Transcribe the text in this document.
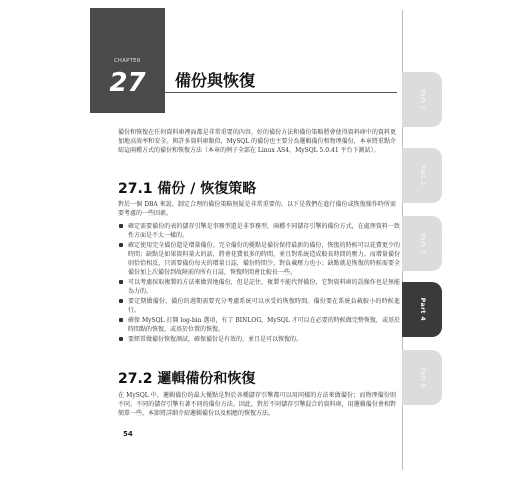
CHAPTER
27	備份與恢復
備份和恢復在任何資料庫裡面都是非常重要的內容，好的備份方法和備份策略將會使得資料庫中的資料更加地高效率和安全。與許多資料庫類似，MySQL 的備份也主要分為邏輯備份和物理備份，本章將重點介紹這兩種方式的備份和恢復方法（本章的例子全部在 Linux AS4、MySQL 5.0.41 平台下測試）。
27.1 備份 / 恢復策略
對於一個 DBA 來說，制定合理的備份策略無疑是非常重要的。以下是我們在進行備份或恢復操作時所需要考慮的一些因素。
確定需要備份的表的儲存引擎是事務型還是非事務型，兩種不同儲存引擎的備份方式，在處理資料一致性方面是不太一樣的。
確定使用完全備份還是增量備份。完全備份的優點是備份保持最新的備份，恢復的時候可以花費更少的時間；缺點是如果資料量大的話，將會花費很多的時間，並且對系統造成較長時間的壓力。而增量備份則恰恰相反，只需要備份每天的增量日誌，備份時間少，對負載壓力也小；缺點就是恢復的時候需要全備份加上次備份到故障前的所有日誌，恢復時間會比較長一些。
可以考慮採取複製的方法來做異地備份，但是記住，複製不能代替備份，它對資料庫的誤操作也是無能為力的。
要定期做備份，備份的週期需要充分考慮系統可以承受的恢復時間。備份要在系統負載較小的時候進行。
確保 MySQL 打開 log-bin 選項，有了 BINLOG，MySQL 才可以在必要的時候做完整恢復，或基於時間點的恢復，或基於位置的恢復。
要經常做備份恢復測試，確保備份是有效的，並且是可以恢復的。
27.2 邏輯備份和恢復
在 MySQL 中，邏輯備份的最大優點是對於各種儲存引擎都可以用同樣的方法來做備份；而物理備份則不同，不同的儲存引擎有著不同的備份方法。因此，對於不同儲存引擎混合的資料庫，用邏輯備份會相對簡單一些。本節將詳細介紹邏輯備份以及相應的恢復方法。
54
Part 1
Part 2
Part 3
Part 4
Part 5
